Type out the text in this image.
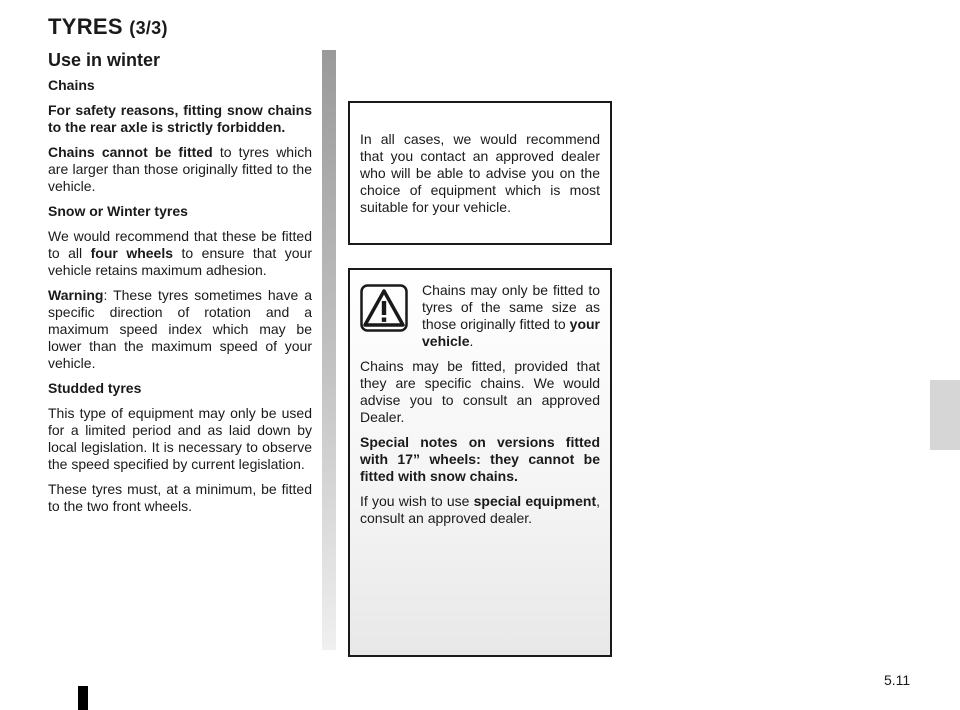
TYRES (3/3)
Use in winter

Chains

For safety reasons, fitting snow chains to the rear axle is strictly forbidden.

Chains cannot be fitted to tyres which are larger than those originally fitted to the vehicle.

Snow or Winter tyres

We would recommend that these be fitted to all four wheels to ensure that your vehicle retains maximum adhesion.

Warning: These tyres sometimes have a specific direction of rotation and a maximum speed index which may be lower than the maximum speed of your vehicle.

Studded tyres

This type of equipment may only be used for a limited period and as laid down by local legislation. It is necessary to observe the speed specified by current legislation.

These tyres must, at a minimum, be fitted to the two front wheels.

In all cases, we would recommend that you contact an approved dealer who will be able to advise you on the choice of equipment which is most suitable for your vehicle.

Chains may only be fitted to tyres of the same size as those originally fitted to your vehicle.

Chains may be fitted, provided that they are specific chains. We would advise you to consult an approved Dealer.

Special notes on versions fitted with 17” wheels: they cannot be fitted with snow chains.

If you wish to use special equipment, consult an approved dealer.

5.11
